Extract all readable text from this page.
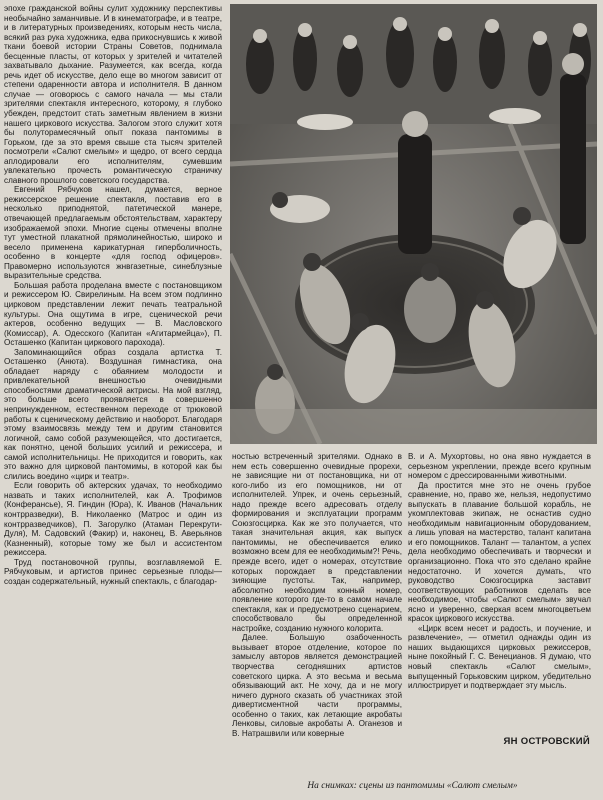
эпохе гражданской войны сулит художнику перспективы необычайно заманчивые. И в кинематографе, и в театре, и в литературных произведениях, которым несть числа, всякий раз рука художника, едва прикоснувшись к живой ткани боевой истории Страны Советов, поднимала бесценные пласты, от которых у зрителей и читателей захватывало дыхание. Разумеется, как всегда, когда речь идет об искусстве, дело еще во многом зависит от степени одаренности автора и исполнителя. В данном случае — оговорюсь с самого начала — мы стали зрителями спектакля интересного, которому, я глубоко убежден, предстоит стать заметным явлением в жизни нашего циркового искусства. Залогом этого служит хотя бы полуторамесячный опыт показа пантомимы в Горьком, где за это время свыше ста тысяч зрителей посмотрели «Салют смелым» и щедро, от всего сердца аплодировали его исполнителям, сумевшим увлекательно прочесть романтическую страничку славного прошлого советского государства.

Евгений Рябчуков нашел, думается, верное режиссерское решение спектакля, поставив его в несколько приподнятой, патетической манере, отвечающей предлагаемым обстоятельствам, характеру изображаемой эпохи. Многие сцены отмечены вполне тут уместной плакатной прямолинейностью, широко и весело применена карикатурная гиперболичность, особенно в концерте «для господ офицеров». Правомерно используются жнвгазетные, синеблузные выразительные средства.

Большая работа проделана вместе с постановщиком и режиссером Ю. Свирелиным. На всем этом подлинно цирковом представлении лежит печать театральной культуры. Она ощутима в игре, сценической речи актеров, особенно ведущих — В. Масловского (Комиссар), А. Одесского (Капитан «Агитармейца»), П. Осташенко (Капитан циркового парохода).

Запоминающийся образ создала артистка Т. Осташенко (Анюта). Воздушная гимнастика, она обладает наряду с обаянием молодости и привлекательной внешностью очевидными способностями драматической актрисы. На мой взгляд, это больше всего проявляется в совершенно непринужденном, естественном переходе от трюковой работы к сценическому действию и наоборот. Благодаря этому взаимосвязь между тем и другим становится логичной, само собой разумеющейся, что достигается, как понятно, ценой больших усилий и режиссера, и самой исполнительницы. Не приходится и говорить, как это важно для цирковой пантомимы, в которой как бы слились воедино «цирк и театр».

Если говорить об актерских удачах, то необходимо назвать и таких исполнителей, как А. Трофимов (Конферансье), Я. Гиндин (Юра), К. Иванов (Начальник контрразведки), В. Николаенко (Матрос и один из контрразведчиков), П. Загорулко (Атаман Перекрути-Дуля), М. Садовский (Факир) и, наконец, В. Аверьянов (Казненный), которые тому же был и ассистентом режиссера.

Труд постановочной группы, возглавляемой Е. Рябчуковым, и артистов принес серьезные плоды—создан содержательный, нужный спектакль, с благодар-

ностью встреченный зрителями. Однако в нем есть совершенно очевидные прорехи, не зависящие ни от постановщика, ни от кого-либо из его помощников, ни от исполнителей. Упрек, и очень серьезный, надо прежде всего адресовать отделу формирования и эксплуатации программ Союзгосцирка. Как же это получается, что такая значительная акция, как выпуск пантомимы, не обеспечивается елико возможно всем для ее необходимым?! Речь, прежде всего, идет о номерах, отсутствие которых порождает в представлении зияющие пустоты. Так, например, абсолютно необходим конный номер, появление которого где-то в самом начале спектакля, как и предусмотрено сценарием, способствовало бы определенной настройке, созданию нужного колорита.

Далее. Большую озабоченность вызывает второе отделение, которое по замыслу авторов является демонстрацией творчества сегодняшних артистов советского цирка. А это весьма и весьма обязывающий акт. Не хочу, да и не могу ничего дурного сказать об участниках этой дивертисментной части программы, особенно о таких, как летающие акробаты Ленковы, силовые акробаты А. Оганезов и В. Натрашвили или коверные

В. и А. Мухортовы, но она явно нуждается в серьезном укреплении, прежде всего крупным номером с дрессированными животными.

Да простится мне это не очень грубое сравнение, но, право же, нельзя, недопустимо выпускать в плавание большой корабль, не укомплектовав экипаж, не оснастив судно необходимым навигационным оборудованием, а лишь уповая на мастерство, талант капитана и его помощников. Талант — талантом, а успех дела необходимо обеспечивать и творчески и организационно. Пока что это сделано крайне недостаточно. И хочется думать, что руководство Союзгосцирка заставит соответствующих работников сделать все необходимое, чтобы «Салют смелым» звучал ясно и уверенно, сверкая всем многоцветьем красок циркового искусства.

«Цирк всем несет и радость, и поучение, и развлечение», — отметил однажды один из наших выдающихся цирковых режиссеров, ныне покойный Г. С. Венецианов. Я думаю, что новый спектакль «Салют смелым», выпущенный Горьковским цирком, убедительно иллюстрирует и подтверждает эту мысль.

ЯН ОСТРОВСКИЙ
На снимках: сцены из пантомимы «Салют смелым»
